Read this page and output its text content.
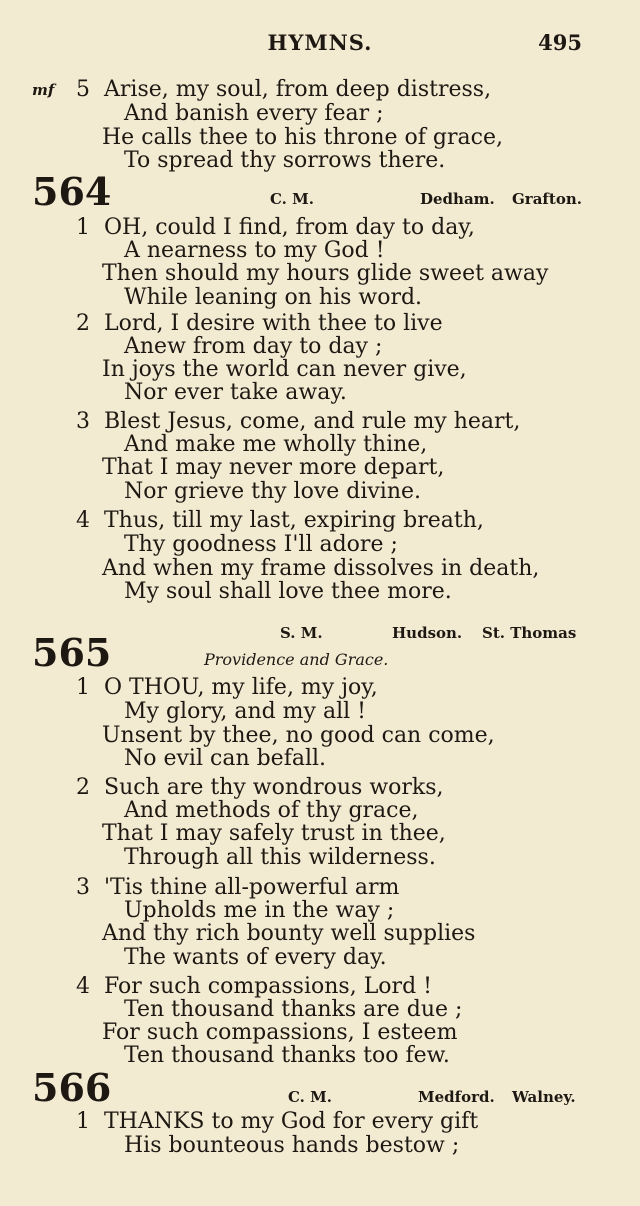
HYMNS.	495
mf 5 Arise, my soul, from deep distress,
And banish every fear ;
He calls thee to his throne of grace,
To spread thy sorrows there.
564	C. M.	Dedham. Grafton.
1 OH, could I find, from day to day,
A nearness to my God !
Then should my hours glide sweet away
While leaning on his word.
2 Lord, I desire with thee to live
Anew from day to day ;
In joys the world can never give,
Nor ever take away.
3 Blest Jesus, come, and rule my heart,
And make me wholly thine,
That I may never more depart,
Nor grieve thy love divine.
4 Thus, till my last, expiring breath,
Thy goodness I'll adore ;
And when my frame dissolves in death,
My soul shall love thee more.
S. M.	Hudson. St. Thomas
565	Providence and Grace.
1 O THOU, my life, my joy,
My glory, and my all !
Unsent by thee, no good can come,
No evil can befall.
2 Such are thy wondrous works,
And methods of thy grace,
That I may safely trust in thee,
Through all this wilderness.
3 'Tis thine all-powerful arm
Upholds me in the way ;
And thy rich bounty well supplies
The wants of every day.
4 For such compassions, Lord !
Ten thousand thanks are due ;
For such compassions, I esteem
Ten thousand thanks too few.
566	C. M.	Medford. Walney.
1 THANKS to my God for every gift
His bounteous hands bestow ;
